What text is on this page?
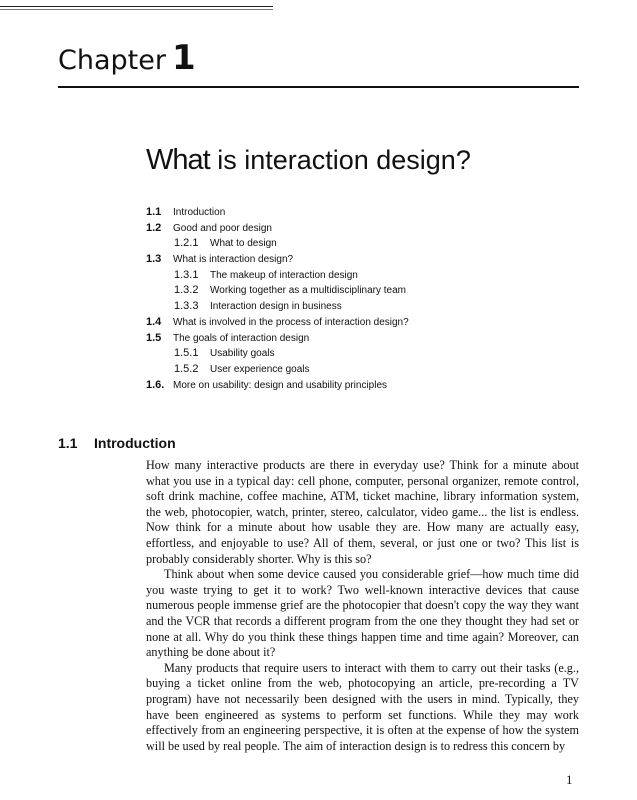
Chapter 1
What is interaction design?
1.1 Introduction
1.2 Good and poor design
1.2.1 What to design
1.3 What is interaction design?
1.3.1 The makeup of interaction design
1.3.2 Working together as a multidisciplinary team
1.3.3 Interaction design in business
1.4 What is involved in the process of interaction design?
1.5 The goals of interaction design
1.5.1 Usability goals
1.5.2 User experience goals
1.6. More on usability: design and usability principles
1.1 Introduction

How many interactive products are there in everyday use? Think for a minute about what you use in a typical day: cell phone, computer, personal organizer, remote control, soft drink machine, coffee machine, ATM, ticket machine, library information system, the web, photocopier, watch, printer, stereo, calculator, video game... the list is endless. Now think for a minute about how usable they are. How many are actually easy, effortless, and enjoyable to use? All of them, several, or just one or two? This list is probably considerably shorter. Why is this so?

Think about when some device caused you considerable grief—how much time did you waste trying to get it to work? Two well-known interactive devices that cause numerous people immense grief are the photocopier that doesn't copy the way they want and the VCR that records a different program from the one they thought they had set or none at all. Why do you think these things happen time and time again? Moreover, can anything be done about it?

Many products that require users to interact with them to carry out their tasks (e.g., buying a ticket online from the web, photocopying an article, pre-recording a TV program) have not necessarily been designed with the users in mind. Typically, they have been engineered as systems to perform set functions. While they may work effectively from an engineering perspective, it is often at the expense of how the system will be used by real people. The aim of interaction design is to redress this concern by

1
